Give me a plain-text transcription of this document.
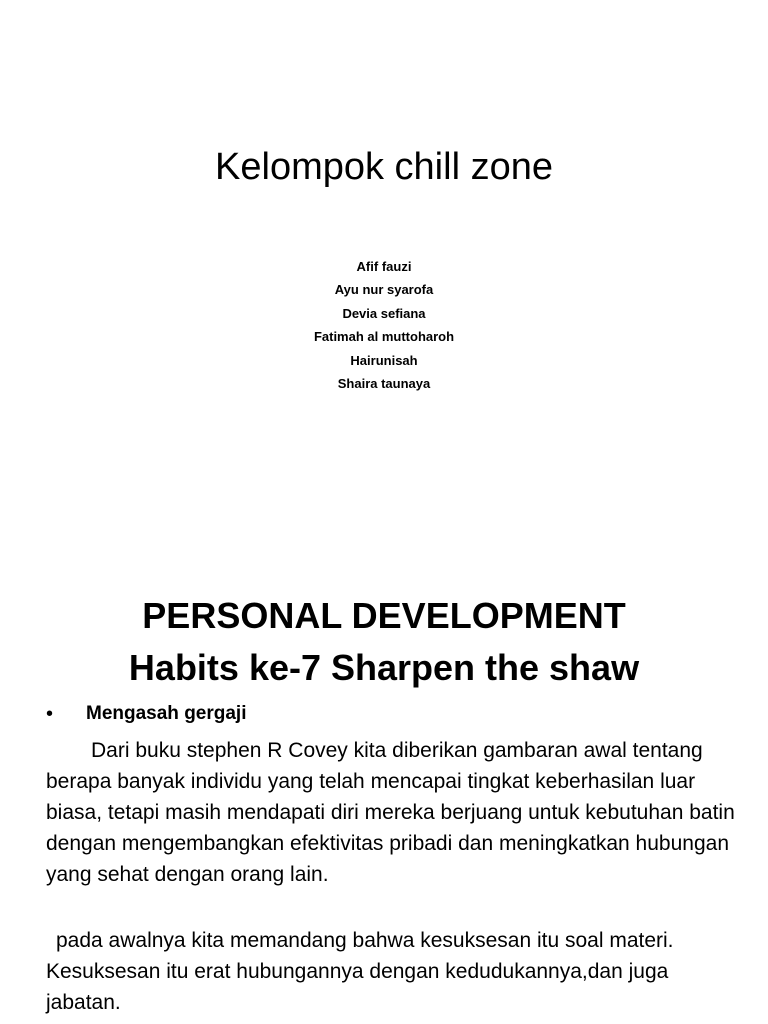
Kelompok chill zone
Afif fauzi
Ayu nur syarofa
Devia sefiana
Fatimah al muttoharoh
Hairunisah
Shaira taunaya
PERSONAL DEVELOPMENT
Habits ke-7 Sharpen the shaw
• Mengasah gergaji

Dari buku stephen R Covey kita diberikan gambaran awal tentang berapa banyak individu yang telah mencapai tingkat keberhasilan luar biasa, tetapi masih mendapati diri mereka berjuang untuk kebutuhan batin dengan mengembangkan efektivitas pribadi dan meningkatkan hubungan yang sehat dengan orang lain.

pada awalnya kita memandang bahwa kesuksesan itu soal materi. Kesuksesan itu erat hubungannya dengan kedudukannya,dan juga jabatan.
